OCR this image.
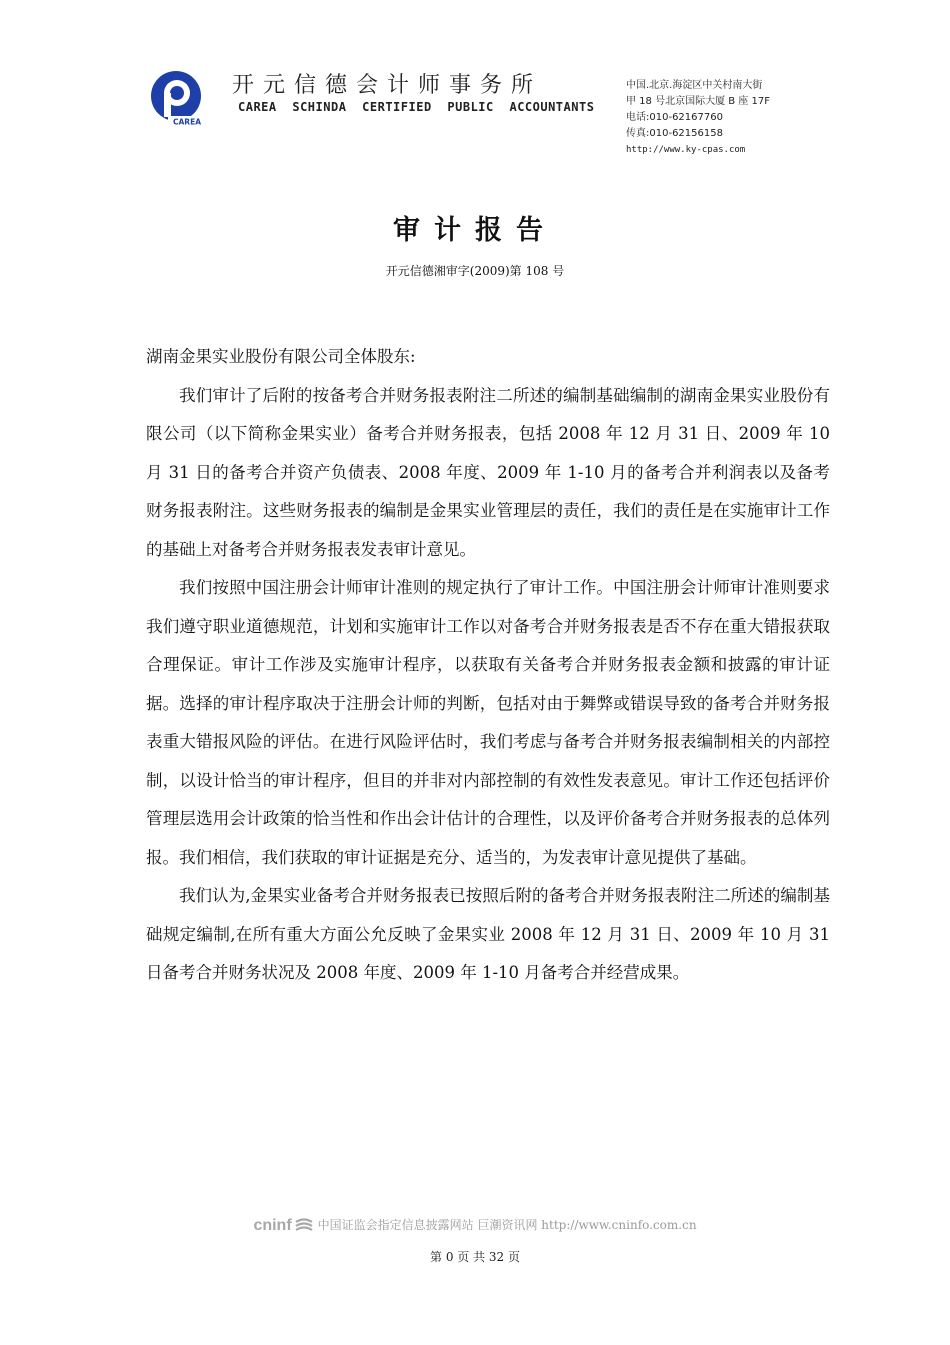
CAREA
开元信德会计师事务所
CAREA SCHINDA CERTIFIED PUBLIC ACCOUNTANTS
中国.北京.海淀区中关村南大街
甲 18 号北京国际大厦 B 座 17F
电话:010-62167760
传真:010-62156158
http://www.ky-cpas.com
审计报告
开元信德湘审字(2009)第 108 号

湖南金果实业股份有限公司全体股东:

我们审计了后附的按备考合并财务报表附注二所述的编制基础编制的湖南金果实业股份有限公司（以下简称金果实业）备考合并财务报表，包括 2008 年 12 月 31 日、2009 年 10 月 31 日的备考合并资产负债表、2008 年度、2009 年 1-10 月的备考合并利润表以及备考财务报表附注。这些财务报表的编制是金果实业管理层的责任，我们的责任是在实施审计工作的基础上对备考合并财务报表发表审计意见。

我们按照中国注册会计师审计准则的规定执行了审计工作。中国注册会计师审计准则要求我们遵守职业道德规范，计划和实施审计工作以对备考合并财务报表是否不存在重大错报获取合理保证。审计工作涉及实施审计程序，以获取有关备考合并财务报表金额和披露的审计证据。选择的审计程序取决于注册会计师的判断，包括对由于舞弊或错误导致的备考合并财务报表重大错报风险的评估。在进行风险评估时，我们考虑与备考合并财务报表编制相关的内部控制，以设计恰当的审计程序，但目的并非对内部控制的有效性发表意见。审计工作还包括评价管理层选用会计政策的恰当性和作出会计估计的合理性，以及评价备考合并财务报表的总体列报。我们相信，我们获取的审计证据是充分、适当的，为发表审计意见提供了基础。

我们认为,金果实业备考合并财务报表已按照后附的备考合并财务报表附注二所述的编制基础规定编制,在所有重大方面公允反映了金果实业 2008 年 12 月 31 日、2009 年 10 月 31 日备考合并财务状况及 2008 年度、2009 年 1-10 月备考合并经营成果。

cninf 中国证监会指定信息披露网站 巨潮资讯网 http://www.cninfo.com.cn
第 0 页 共 32 页
